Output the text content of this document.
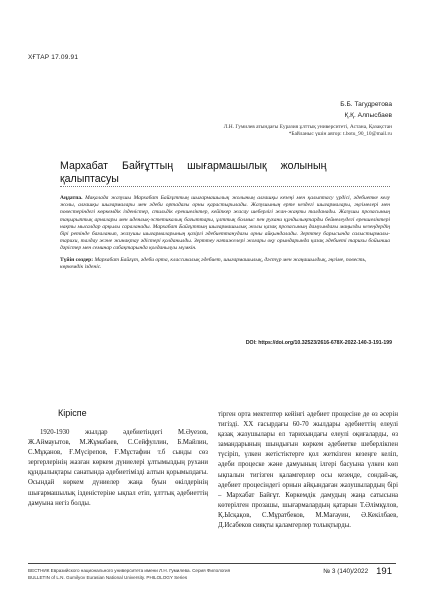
ХҒТАР 17.09.91
Б.Б. Тагудретова
Қ.Қ. Алпысбаев
Л.Н. Гумилев атындағы Еуразия ұлттық университеті, Астана, Қазақстан
*Байланыс үшін автор: t.botu_90_10@mail.ru
Мархабат Байғұттың шығармашылық жолының
қалыптасуы
Аңдатпа. Мақалада жазушы Мархабат Байғұттың шығармашылық жолының алғашқы кезеңі мен қалыптасу үрдісі, әдебиетке келу жолы, алғашқы шығармалары мен әдеби ортадағы орны қарастырылады. Жазушының ерте кездегі шығармалары, әңгімелері мен повестеріндегі көркемдік ізденістер, стильдік ерекшеліктер, кейіпкер жасау шеберлігі жан-жақты талданады. Жазушы прозасының тақырыптық арналары мен идеялық-эстетикалық бағыттары, ұлттық болмыс пен рухани құндылықтарды бейнелеудегі ерекшеліктері нақты мысалдар арқылы сараланады. Мархабат Байғұттың шығармашылық жолы қазақ прозасының дамуындағы маңызды кезеңдердің бірі ретінде бағаланып, жазушы шығармаларының қазіргі әдебиеттанудағы орны айқындалады. Зерттеу барысында салыстырмалы-тарихи, талдау және жинақтау әдістері қолданылды. Зерттеу нәтижелері жоғары оқу орындарында қазақ әдебиеті тарихы бойынша дәрістер мен семинар сабақтарында қолданылуы мүмкін.
Түйін сөздер: Мархабат Байғұт, әдеби орта, классикалық әдебиет, шығармашылық, дәстүр мен жаңашылдық, әңгіме, повесть, көркемдік ізденіс.
DOI: https://doi.org/10.32523/2616-678X-2022-140-3-191-199
Кіріспе

1920-1930 жылдар әдебиетіндегі М.Әуезов, Ж.Аймауытов, М.Жұмабаев, С.Сейфуллин, Б.Майлин, С.Мұқанов, Ғ.Мүсірепов, Ғ.Мұстафин т.б сынды сөз зергерлерінің жазған көркем дүниелері ұлтымыздың рухани құндылықтары санатында әдебиетімізді алтын қорымыздағы. Осындай көркем дүниелер жаңа буын өкілдерінің шығармашылық ізденістеріне ықпал етіп, ұлттық әдебиеттің дамуына негіз болды.

тірген орта мектептер кейінгі әдебиет процесіне де өз әсерін тигізді. ХХ ғасырдағы 60-70 жылдары әдебиеттің елеулі қазақ жазушылары ел тарихындағы елеулі оқиғаларды, өз замандарының шындығын көркем әдебиетке шеберлікпен түсіріп, үлкен жетістіктерге қол жеткізген кезеңге келіп, әдеби процеске және дамуының ілгері басуына үлкен көп ықпалын тигізген қаламгерлер осы кезеңде, сондай-ақ, әдебиет процесіндегі орнын айқындаған жазушылардың бірі – Мархабат Байғұт. Көркемдік дамудың жаңа сатысына көтерілген прозашы, шығармалардың қатарын Т.Әлімқұлов, Қ.Ысқақов, С.Мұратбеков, М.Мағауин, Ә.Кекілбаев, Д.Исабеков сияқты қаламгерлер толықтырды.

ВЕСТНИК Евразийского национального университета имени Л.Н. Гумилева. Серия Филология
BULLETIN of L.N. Gumilyov Eurasian National University. PHILOLOGY Series
№ 3 (140)/2022 191
